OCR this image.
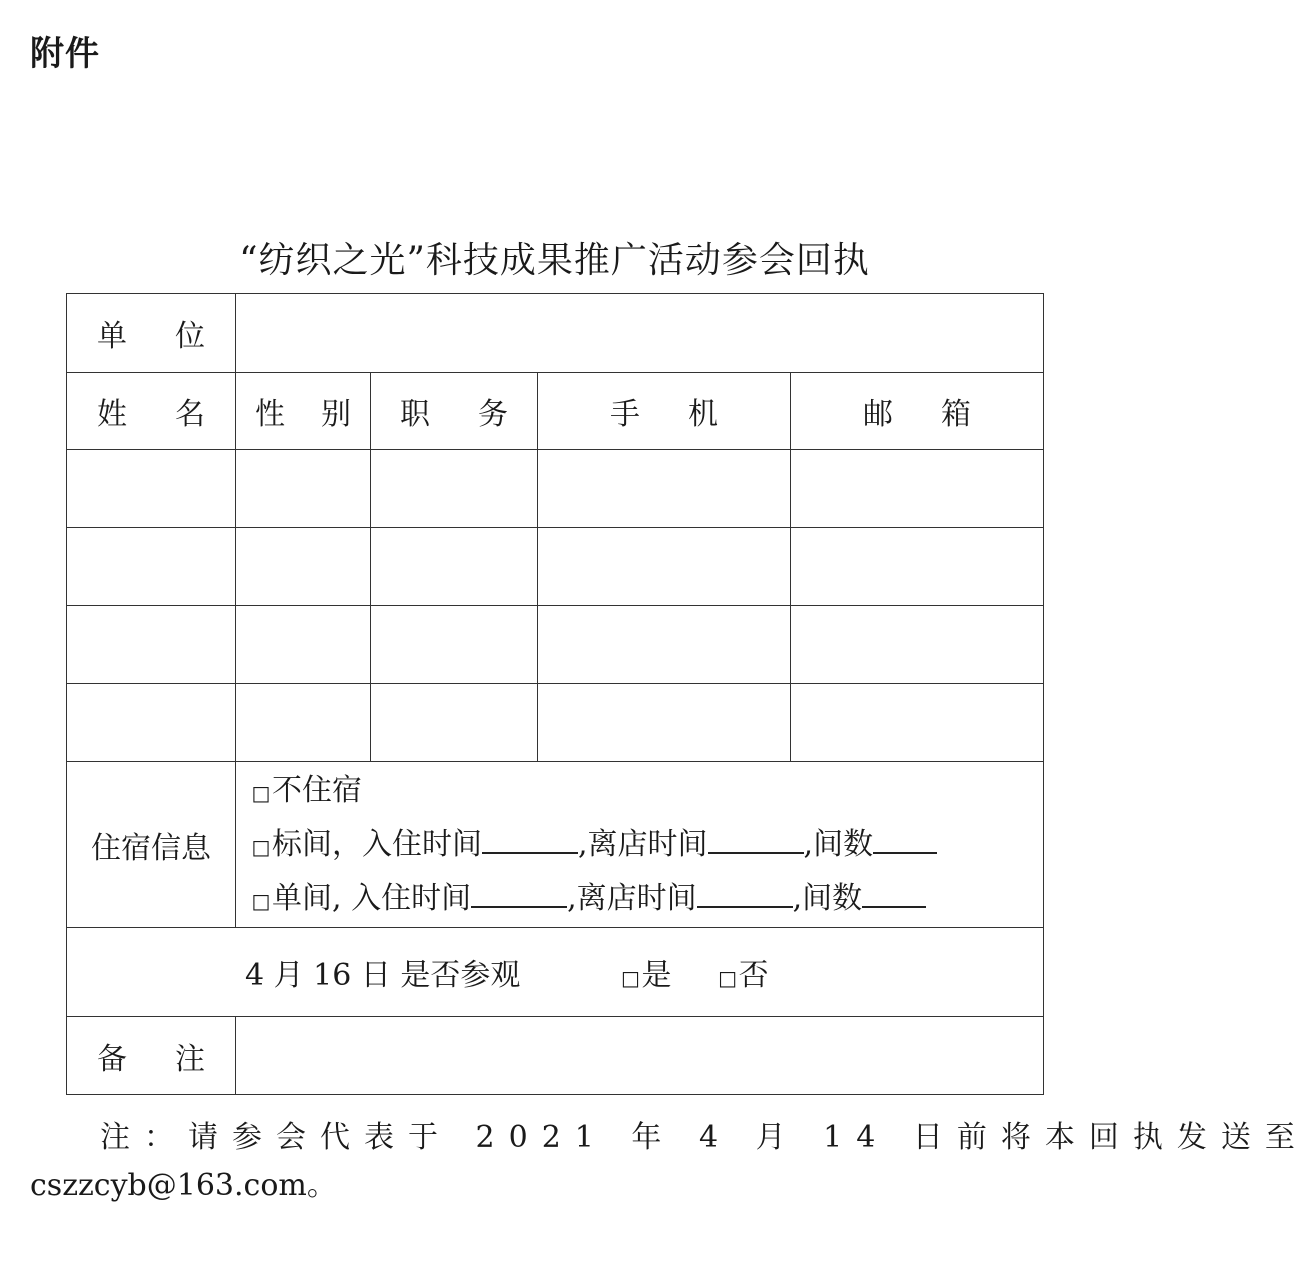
附件
“纺织之光”科技成果推广活动参会回执
单 位				
姓 名	性 别	职 务	手 机	邮 箱

住宿信息	□不住宿
□标间，入住时间 ,离店时间 ,间数
□单间, 入住时间 ,离店时间 ,间数			

4 月 16 日 是否参观 □是 □否				
备 注				
注：请参会代表于 2021 年 4 月 14 日前将本回执发送至
cszzcyb@163.com。
